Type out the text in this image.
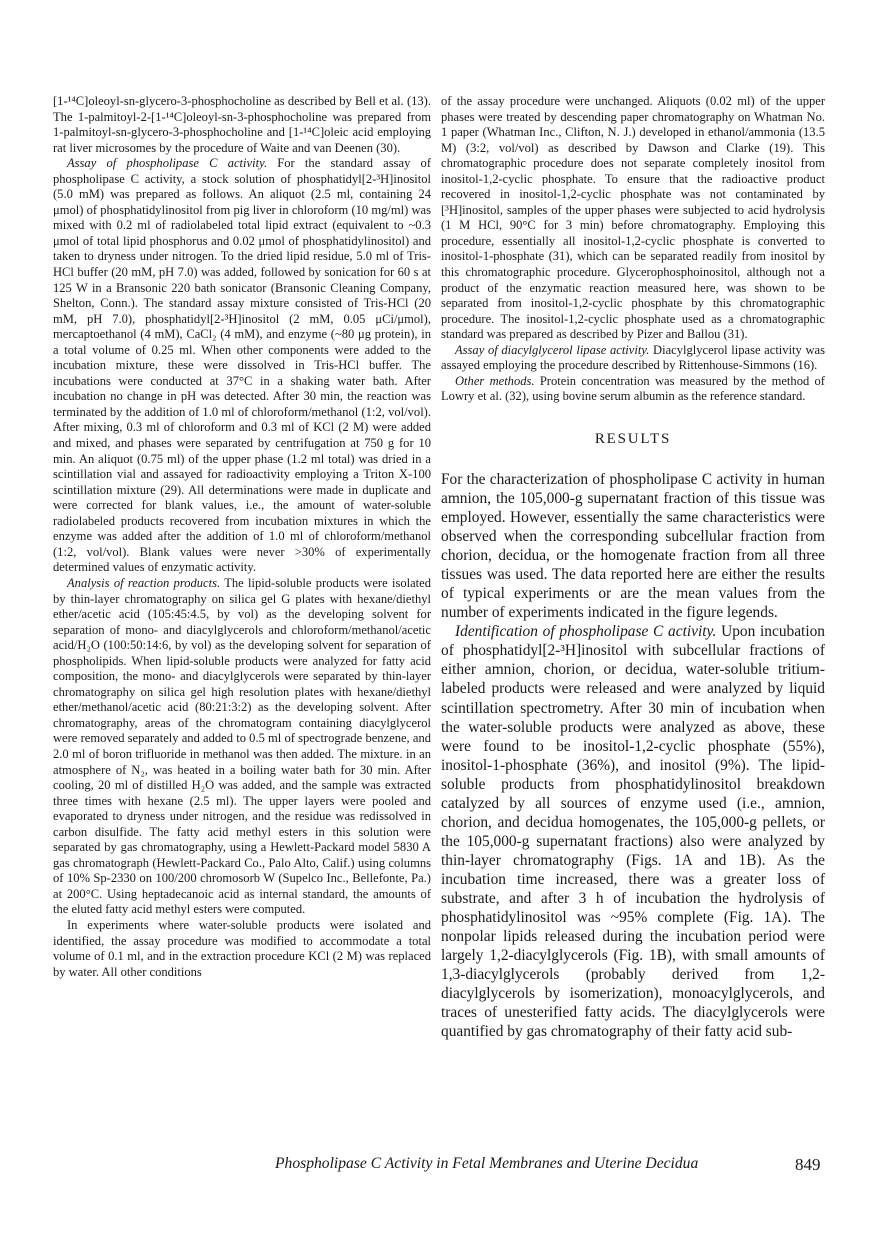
[1-¹⁴C]oleoyl-sn-glycero-3-phosphocholine as described by Bell et al. (13). The 1-palmitoyl-2-[1-¹⁴C]oleoyl-sn-3-phosphocholine was prepared from 1-palmitoyl-sn-glycero-3-phosphocholine and [1-¹⁴C]oleic acid employing rat liver microsomes by the procedure of Waite and van Deenen (30).

Assay of phospholipase C activity. For the standard assay of phospholipase C activity, a stock solution of phosphatidyl[2-³H]inositol (5.0 mM) was prepared as follows. An aliquot (2.5 ml, containing 24 μmol) of phosphatidylinositol from pig liver in chloroform (10 mg/ml) was mixed with 0.2 ml of radiolabeled total lipid extract (equivalent to ~0.3 μmol of total lipid phosphorus and 0.02 μmol of phosphatidylinositol) and taken to dryness under nitrogen. To the dried lipid residue, 5.0 ml of Tris-HCl buffer (20 mM, pH 7.0) was added, followed by sonication for 60 s at 125 W in a Bransonic 220 bath sonicator (Bransonic Cleaning Company, Shelton, Conn.). The standard assay mixture consisted of Tris-HCl (20 mM, pH 7.0), phosphatidyl[2-³H]inositol (2 mM, 0.05 μCi/μmol), mercaptoethanol (4 mM), CaCl₂ (4 mM), and enzyme (~80 μg protein), in a total volume of 0.25 ml. When other components were added to the incubation mixture, these were dissolved in Tris-HCl buffer. The incubations were conducted at 37°C in a shaking water bath. After incubation no change in pH was detected. After 30 min, the reaction was terminated by the addition of 1.0 ml of chloroform/methanol (1:2, vol/vol). After mixing, 0.3 ml of chloroform and 0.3 ml of KCl (2 M) were added and mixed, and phases were separated by centrifugation at 750 g for 10 min. An aliquot (0.75 ml) of the upper phase (1.2 ml total) was dried in a scintillation vial and assayed for radioactivity employing a Triton X-100 scintillation mixture (29). All determinations were made in duplicate and were corrected for blank values, i.e., the amount of water-soluble radiolabeled products recovered from incubation mixtures in which the enzyme was added after the addition of 1.0 ml of chloroform/methanol (1:2, vol/vol). Blank values were never >30% of experimentally determined values of enzymatic activity.

Analysis of reaction products. The lipid-soluble products were isolated by thin-layer chromatography on silica gel G plates with hexane/diethyl ether/acetic acid (105:45:4.5, by vol) as the developing solvent for separation of mono- and diacylglycerols and chloroform/methanol/acetic acid/H₂O (100:50:14:6, by vol) as the developing solvent for separation of phospholipids. When lipid-soluble products were analyzed for fatty acid composition, the mono- and diacylglycerols were separated by thin-layer chromatography on silica gel high resolution plates with hexane/diethyl ether/methanol/acetic acid (80:21:3:2) as the developing solvent. After chromatography, areas of the chromatogram containing diacylglycerol were removed separately and added to 0.5 ml of spectrograde benzene, and 2.0 ml of boron trifluoride in methanol was then added. The mixture. in an atmosphere of N₂, was heated in a boiling water bath for 30 min. After cooling, 20 ml of distilled H₂O was added, and the sample was extracted three times with hexane (2.5 ml). The upper layers were pooled and evaporated to dryness under nitrogen, and the residue was redissolved in carbon disulfide. The fatty acid methyl esters in this solution were separated by gas chromatography, using a Hewlett-Packard model 5830 A gas chromatograph (Hewlett-Packard Co., Palo Alto, Calif.) using columns of 10% Sp-2330 on 100/200 chromosorb W (Supelco Inc., Bellefonte, Pa.) at 200°C. Using heptadecanoic acid as internal standard, the amounts of the eluted fatty acid methyl esters were computed.

In experiments where water-soluble products were isolated and identified, the assay procedure was modified to accommodate a total volume of 0.1 ml, and in the extraction procedure KCl (2 M) was replaced by water. All other conditions

of the assay procedure were unchanged. Aliquots (0.02 ml) of the upper phases were treated by descending paper chromatography on Whatman No. 1 paper (Whatman Inc., Clifton, N. J.) developed in ethanol/ammonia (13.5 M) (3:2, vol/vol) as described by Dawson and Clarke (19). This chromatographic procedure does not separate completely inositol from inositol-1,2-cyclic phosphate. To ensure that the radioactive product recovered in inositol-1,2-cyclic phosphate was not contaminated by [³H]inositol, samples of the upper phases were subjected to acid hydrolysis (1 M HCl, 90°C for 3 min) before chromatography. Employing this procedure, essentially all inositol-1,2-cyclic phosphate is converted to inositol-1-phosphate (31), which can be separated readily from inositol by this chromatographic procedure. Glycerophosphoinositol, although not a product of the enzymatic reaction measured here, was shown to be separated from inositol-1,2-cyclic phosphate by this chromatographic procedure. The inositol-1,2-cyclic phosphate used as a chromatographic standard was prepared as described by Pizer and Ballou (31).

Assay of diacylglycerol lipase activity. Diacylglycerol lipase activity was assayed employing the procedure described by Rittenhouse-Simmons (16).

Other methods. Protein concentration was measured by the method of Lowry et al. (32), using bovine serum albumin as the reference standard.

RESULTS

For the characterization of phospholipase C activity in human amnion, the 105,000-g supernatant fraction of this tissue was employed. However, essentially the same characteristics were observed when the corresponding subcellular fraction from chorion, decidua, or the homogenate fraction from all three tissues was used. The data reported here are either the results of typical experiments or are the mean values from the number of experiments indicated in the figure legends.

Identification of phospholipase C activity. Upon incubation of phosphatidyl[2-³H]inositol with subcellular fractions of either amnion, chorion, or decidua, water-soluble tritium-labeled products were released and were analyzed by liquid scintillation spectrometry. After 30 min of incubation when the water-soluble products were analyzed as above, these were found to be inositol-1,2-cyclic phosphate (55%), inositol-1-phosphate (36%), and inositol (9%). The lipid-soluble products from phosphatidylinositol breakdown catalyzed by all sources of enzyme used (i.e., amnion, chorion, and decidua homogenates, the 105,000-g pellets, or the 105,000-g supernatant fractions) also were analyzed by thin-layer chromatography (Figs. 1A and 1B). As the incubation time increased, there was a greater loss of substrate, and after 3 h of incubation the hydrolysis of phosphatidylinositol was ~95% complete (Fig. 1A). The nonpolar lipids released during the incubation period were largely 1,2-diacylglycerols (Fig. 1B), with small amounts of 1,3-diacylglycerols (probably derived from 1,2-diacylglycerols by isomerization), monoacylglycerols, and traces of unesterified fatty acids. The diacylglycerols were quantified by gas chromatography of their fatty acid sub-

Phospholipase C Activity in Fetal Membranes and Uterine Decidua	849
